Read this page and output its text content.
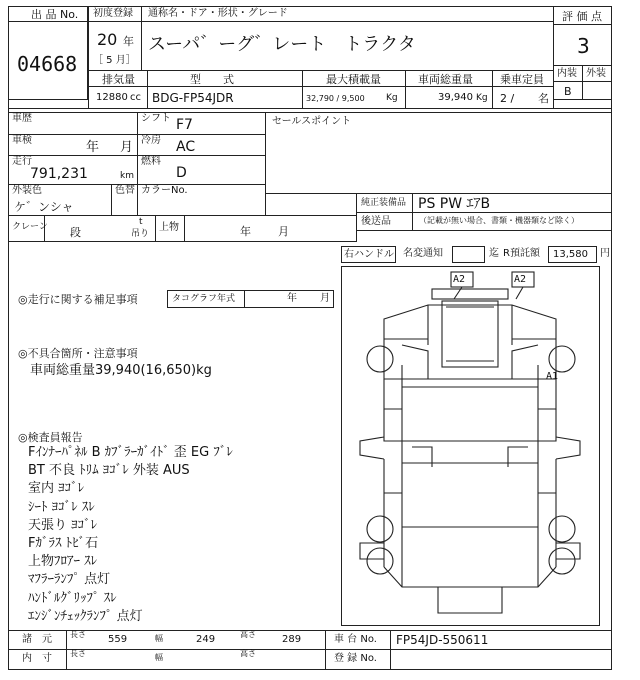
出 品 No.
04668
初度登録 通称名・ドア・形状・グレード
20 年
［ 5 月］
スーパ゛ーグ゛レート　トラクタ
評 価 点
3
内装 外装
B
排気量	型　　式	最大積載量	車両総重量 乗車定員
12880 cc BDG-FP54JDR	32,790 / 9,500 Kg	39,940 Kg 2 / 名
車歴	シフト F7
車検	年 月 冷房 AC
走行
791,231	km
燃料
D
外装色
ケ゛ンシャ
色替 カラーNo.
セールスポイント
純正装備品 PS PW ｴｱB
後送品	（記載が無い場合、書類・機器類など除く）
クレーン 段
t
吊り
上物	年 月
右ハンドル 名変通知	迄 R預託額 13,580 円
◎走行に関する補足事項	タコグラフ年式	年 月
◎不具合箇所・注意事項
車両総重量39,940(16,650)kg
◎検査員報告
Fｲﾝﾅｰﾊﾟﾈﾙ B ｶﾌﾞﾗｰｶﾞｲﾄﾞ 歪 EG ﾌﾞﾚ
BT 不良 ﾄﾘﾑ ﾖｺﾞﾚ 外装 AUS
室内 ﾖｺﾞﾚ
ｼｰﾄ ﾖｺﾞﾚ ｽﾚ
天張り ﾖｺﾞﾚ
Fｶﾞﾗｽ ﾄﾋﾞ石
上物ﾌﾛｱｰ ｽﾚ
ﾏﾌﾗｰﾗﾝﾌﾟ 点灯
ﾊﾝﾄﾞﾙｸﾞﾘｯﾌﾟ ｽﾚ
ｴﾝｼﾞﾝﾁｪｯｸﾗﾝﾌﾟ 点灯
A2	A2
A1
諸　元 長さ 559	幅	249	高さ	289	車 台 No. FP54JD-550611
内　寸 長さ	幅	高さ	登 録 No.
